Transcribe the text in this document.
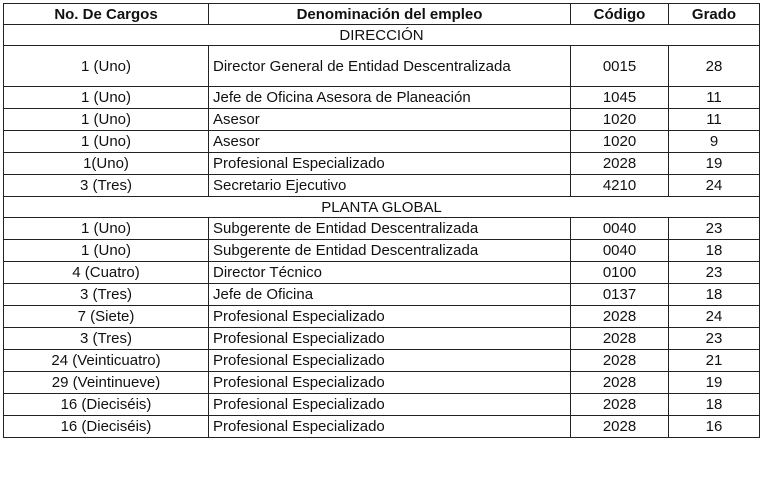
No. De Cargos	Denominación del empleo	Código	Grado
DIRECCIÓN			
1 (Uno)	Director General de Entidad Descentralizada	0015	28
1 (Uno)	Jefe de Oficina Asesora de Planeación	1045	11
1 (Uno)	Asesor	1020	11
1 (Uno)	Asesor	1020	9
1(Uno)	Profesional Especializado	2028	19
3 (Tres)	Secretario Ejecutivo	4210	24
PLANTA GLOBAL			
1 (Uno)	Subgerente de Entidad Descentralizada	0040	23
1 (Uno)	Subgerente de Entidad Descentralizada	0040	18
4 (Cuatro)	Director Técnico	0100	23
3 (Tres)	Jefe de Oficina	0137	18
7 (Siete)	Profesional Especializado	2028	24
3 (Tres)	Profesional Especializado	2028	23
24 (Veinticuatro)	Profesional Especializado	2028	21
29 (Veintinueve)	Profesional Especializado	2028	19
16 (Dieciséis)	Profesional Especializado	2028	18
16 (Dieciséis)	Profesional Especializado	2028	16
